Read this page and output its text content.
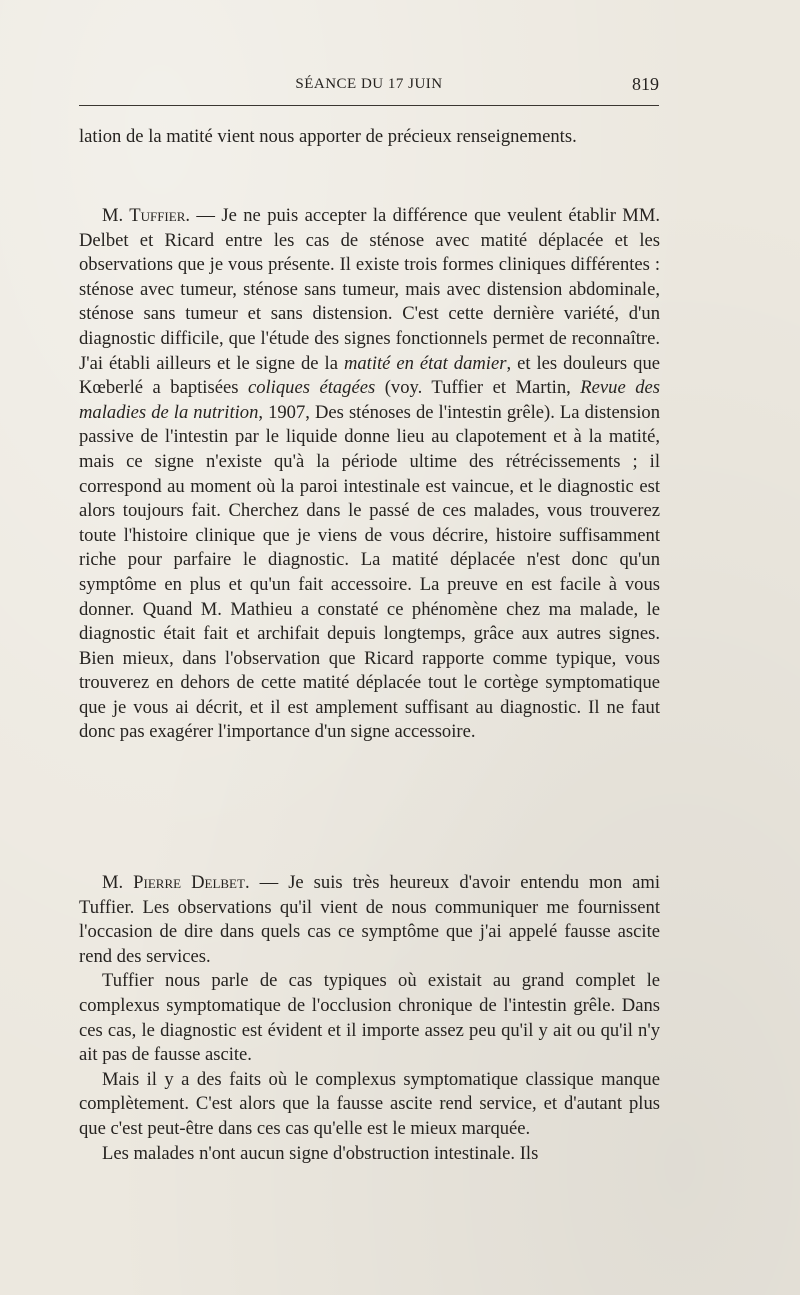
SÉANCE DU 17 JUIN	819

lation de la matité vient nous apporter de précieux renseignements.

M. Tuffier. — Je ne puis accepter la différence que veulent établir MM. Delbet et Ricard entre les cas de sténose avec matité déplacée et les observations que je vous présente. Il existe trois formes cliniques différentes : sténose avec tumeur, sténose sans tumeur, mais avec distension abdominale, sténose sans tumeur et sans distension. C'est cette dernière variété, d'un diagnostic difficile, que l'étude des signes fonctionnels permet de reconnaître. J'ai établi ailleurs et le signe de la matité en état damier, et les douleurs que Kœberlé a baptisées coliques étagées (voy. Tuffier et Martin, Revue des maladies de la nutrition, 1907, Des sténoses de l'intestin grêle). La distension passive de l'intestin par le liquide donne lieu au clapotement et à la matité, mais ce signe n'existe qu'à la période ultime des rétrécissements ; il correspond au moment où la paroi intestinale est vaincue, et le diagnostic est alors toujours fait. Cherchez dans le passé de ces malades, vous trouverez toute l'histoire clinique que je viens de vous décrire, histoire suffisamment riche pour parfaire le diagnostic. La matité déplacée n'est donc qu'un symptôme en plus et qu'un fait accessoire. La preuve en est facile à vous donner. Quand M. Mathieu a constaté ce phénomène chez ma malade, le diagnostic était fait et archifait depuis longtemps, grâce aux autres signes. Bien mieux, dans l'observation que Ricard rapporte comme typique, vous trouverez en dehors de cette matité déplacée tout le cortège symptomatique que je vous ai décrit, et il est amplement suffisant au diagnostic. Il ne faut donc pas exagérer l'importance d'un signe accessoire.

M. Pierre Delbet. — Je suis très heureux d'avoir entendu mon ami Tuffier. Les observations qu'il vient de nous communiquer me fournissent l'occasion de dire dans quels cas ce symptôme que j'ai appelé fausse ascite rend des services.

Tuffier nous parle de cas typiques où existait au grand complet le complexus symptomatique de l'occlusion chronique de l'intestin grêle. Dans ces cas, le diagnostic est évident et il importe assez peu qu'il y ait ou qu'il n'y ait pas de fausse ascite.

Mais il y a des faits où le complexus symptomatique classique manque complètement. C'est alors que la fausse ascite rend service, et d'autant plus que c'est peut-être dans ces cas qu'elle est le mieux marquée.

Les malades n'ont aucun signe d'obstruction intestinale. Ils
